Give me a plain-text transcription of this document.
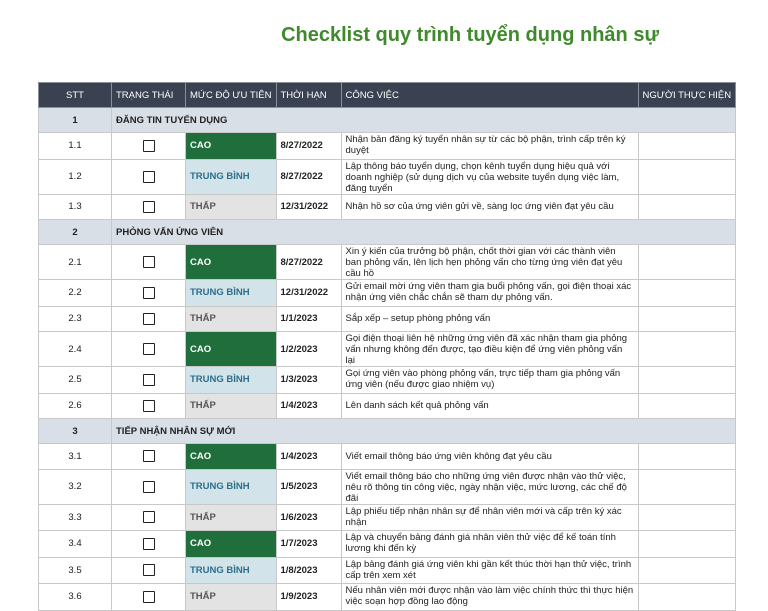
Checklist quy trình tuyển dụng nhân sự
STT	TRẠNG THÁI	MỨC ĐỘ ƯU TIÊN	THỜI HẠN	CÔNG VIỆC	NGƯỜI THỰC HIỆN
1	ĐĂNG TIN TUYỂN DỤNG				
1.1		CAO	8/27/2022	Nhận bản đăng ký tuyển nhân sự từ các bộ phận, trình cấp trên ký duyệt	
1.2		TRUNG BÌNH	8/27/2022	Lập thông báo tuyển dụng, chọn kênh tuyển dụng hiệu quả với doanh nghiệp (sử dụng dịch vụ của website tuyển dụng việc làm, đăng tuyển	
1.3		THẤP	12/31/2022	Nhận hồ sơ của ứng viên gửi về, sàng lọc ứng viên đạt yêu cầu	
2	PHỎNG VẤN ỨNG VIÊN				
2.1		CAO	8/27/2022	Xin ý kiến của trưởng bộ phận, chốt thời gian với các thành viên ban phỏng vấn, lên lịch hẹn phỏng vấn cho từng ứng viên đạt yêu cầu hồ	
2.2		TRUNG BÌNH	12/31/2022	Gửi email mời ứng viên tham gia buổi phỏng vấn, gọi điện thoại xác nhận ứng viên chắc chắn sẽ tham dự phỏng vấn.	
2.3		THẤP	1/1/2023	Sắp xếp – setup phòng phỏng vấn	
2.4		CAO	1/2/2023	Gọi điện thoại liên hệ những ứng viên đã xác nhận tham gia phỏng vấn nhưng không đến được, tạo điều kiện để ứng viên phỏng vấn lại	
2.5		TRUNG BÌNH	1/3/2023	Gọi ứng viên vào phòng phỏng vấn, trực tiếp tham gia phỏng vấn ứng viên (nếu được giao nhiệm vụ)	
2.6		THẤP	1/4/2023	Lên danh sách kết quả phỏng vấn	
3	TIẾP NHẬN NHÂN SỰ MỚI				
3.1		CAO	1/4/2023	Viết email thông báo ứng viên không đạt yêu cầu	
3.2		TRUNG BÌNH	1/5/2023	Viết email thông báo cho những ứng viên được nhận vào thử việc, nêu rõ thông tin công việc, ngày nhận việc, mức lương, các chế độ đãi	
3.3		THẤP	1/6/2023	Lập phiếu tiếp nhận nhân sự để nhân viên mới và cấp trên ký xác nhận	
3.4		CAO	1/7/2023	Lập và chuyển bảng đánh giá nhân viên thử việc để kế toán tính lương khi đến kỳ	
3.5		TRUNG BÌNH	1/8/2023	Lập bảng đánh giá ứng viên khi gần kết thúc thời hạn thử việc, trình cấp trên xem xét	
3.6		THẤP	1/9/2023	Nếu nhân viên mới được nhận vào làm việc chính thức thì thực hiện việc soạn hợp đồng lao động	
